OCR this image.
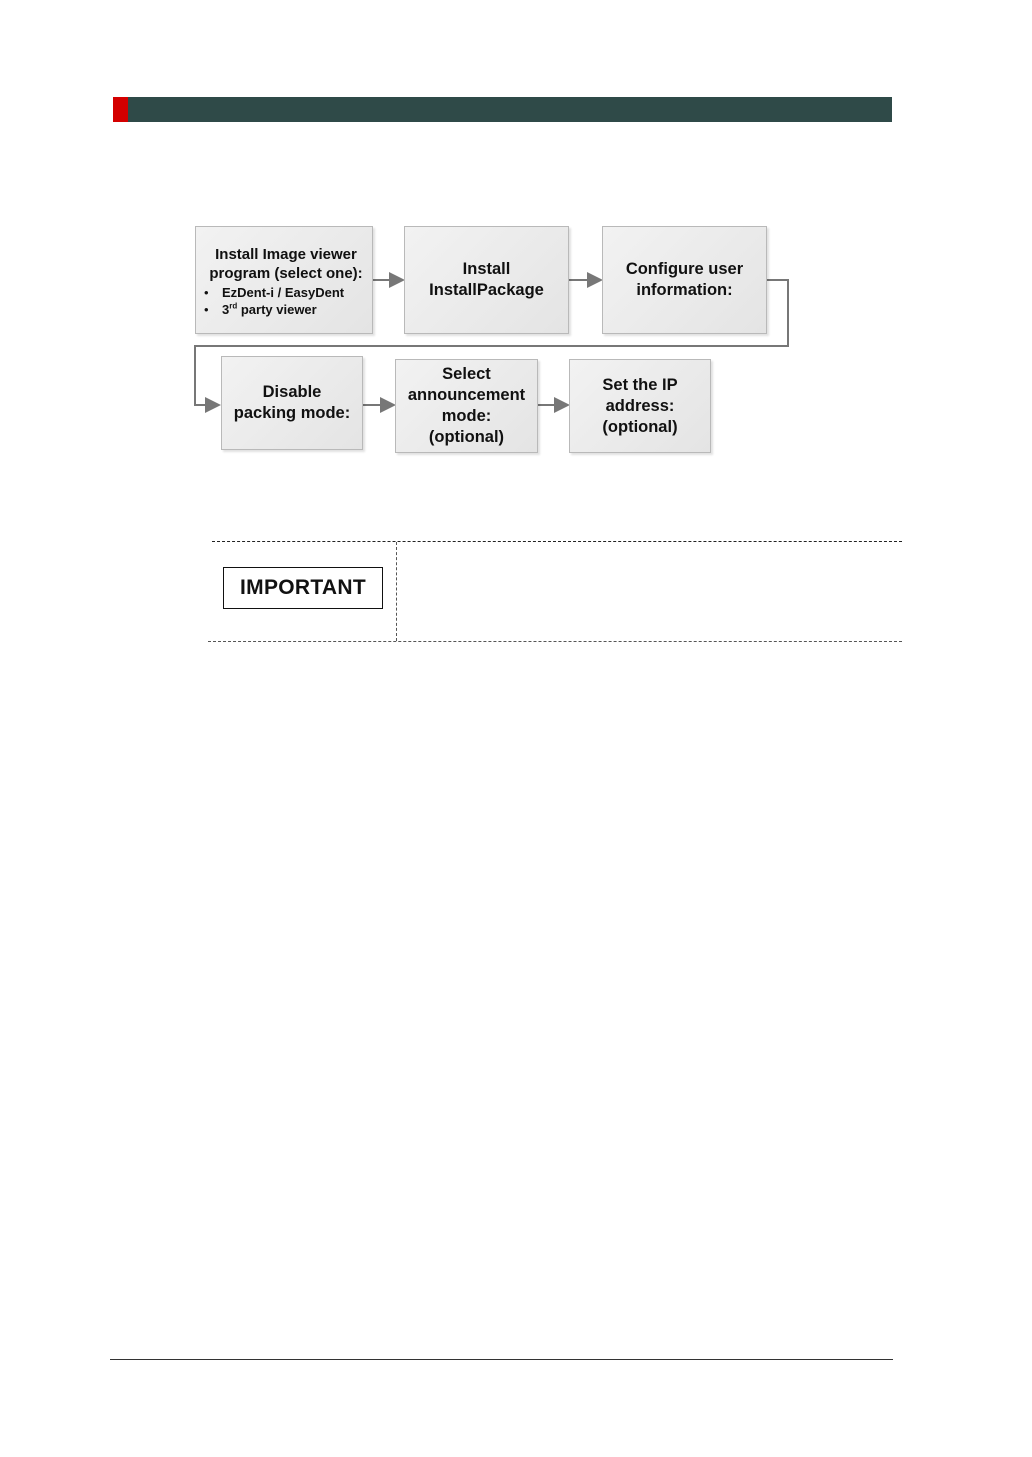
Install Image viewer
program (select one):
• EzDent-i / EasyDent
• 3rd party viewer
Install
InstallPackage
Configure user
information:
Disable
packing mode:
Select
announcement
mode:
(optional)
Set the IP
address:
(optional)
IMPORTANT
